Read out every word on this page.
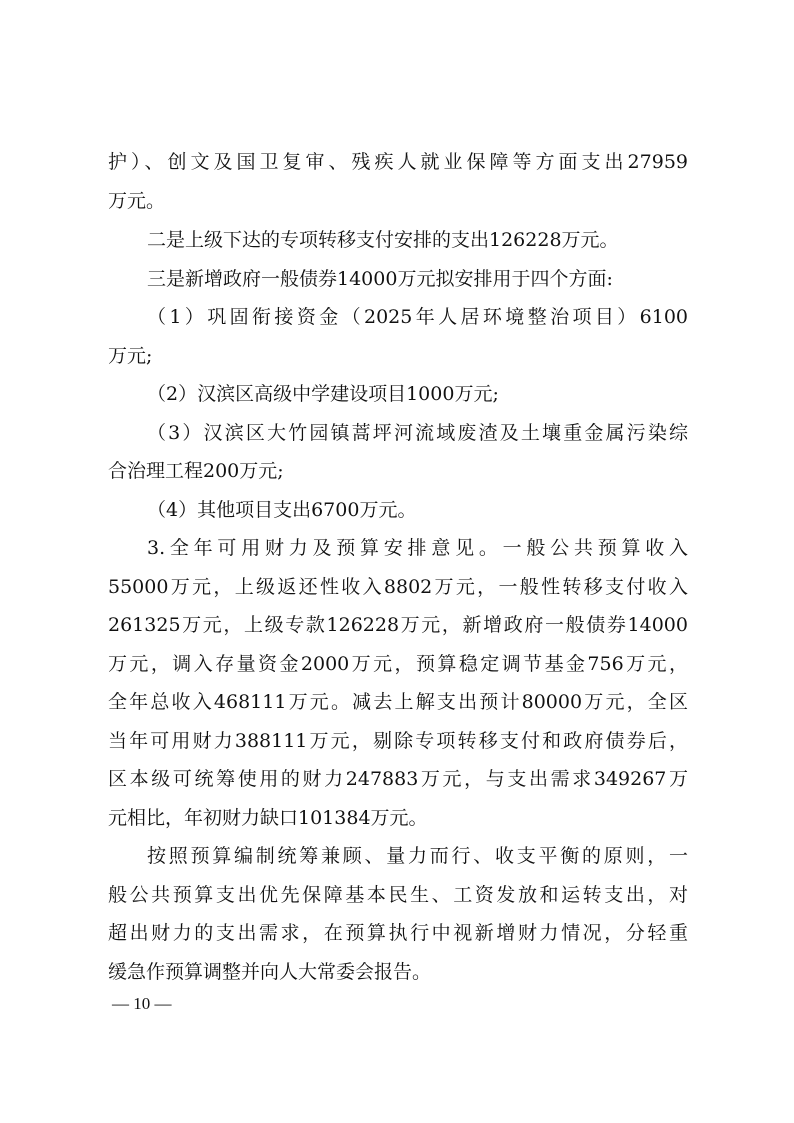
护）、创文及国卫复审、残疾人就业保障等方面支出27959
万元。
二是上级下达的专项转移支付安排的支出126228万元。
三是新增政府一般债券14000万元拟安排用于四个方面:
（1）巩固衔接资金（2025年人居环境整治项目）6100
万元;
（2）汉滨区高级中学建设项目1000万元;
（3）汉滨区大竹园镇蒿坪河流域废渣及土壤重金属污染综
合治理工程200万元;
（4）其他项目支出6700万元。
3.全年可用财力及预算安排意见。一般公共预算收入
55000万元，上级返还性收入8802万元，一般性转移支付收入
261325万元，上级专款126228万元，新增政府一般债券14000
万元，调入存量资金2000万元，预算稳定调节基金756万元，
全年总收入468111万元。减去上解支出预计80000万元，全区
当年可用财力388111万元，剔除专项转移支付和政府债券后，
区本级可统筹使用的财力247883万元，与支出需求349267万
元相比，年初财力缺口101384万元。
按照预算编制统筹兼顾、量力而行、收支平衡的原则，一
般公共预算支出优先保障基本民生、工资发放和运转支出，对
超出财力的支出需求，在预算执行中视新增财力情况，分轻重
缓急作预算调整并向人大常委会报告。
— 10 —
